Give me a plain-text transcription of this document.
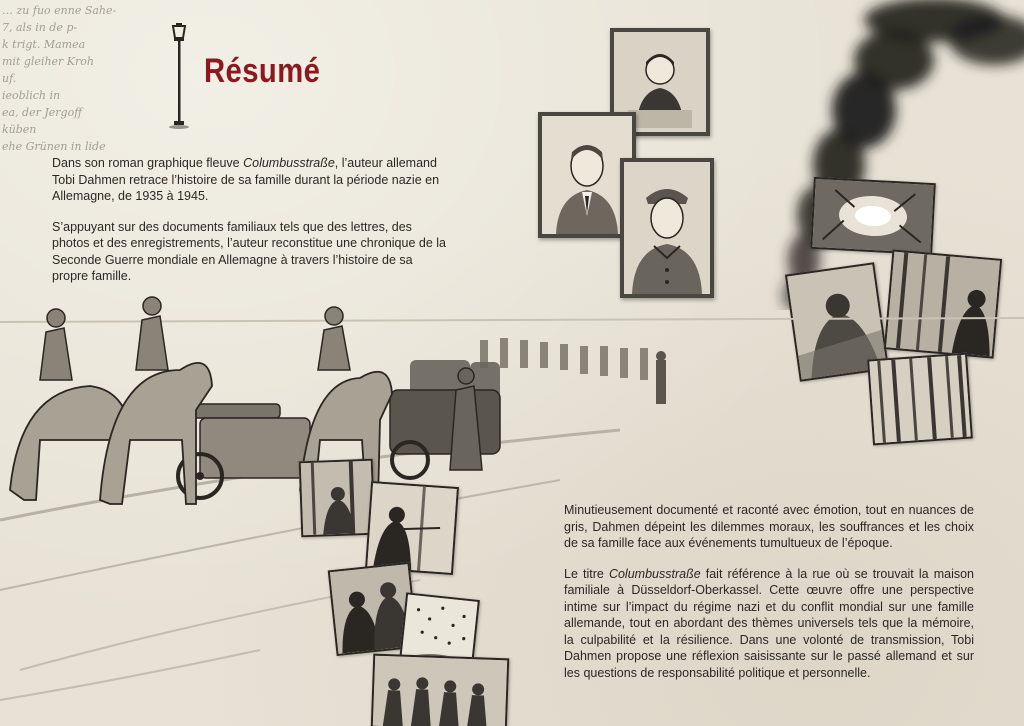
… zu fuo enne Sahe-
7, als in de p-
k trigt. Mamea
mit gleiher Kroh
uf.
ieoblich in
ea, der Jergoff
küben
ehe Grünen in lide
Résumé

Dans son roman graphique fleuve Columbusstraße, l’auteur allemand Tobi Dahmen retrace l’histoire de sa famille durant la période nazie en Allemagne, de 1935 à 1945.

S’appuyant sur des documents familiaux tels que des lettres, des photos et des enregistrements, l’auteur reconstitue une chronique de la Seconde Guerre mondiale en Allemagne à travers l’histoire de sa propre famille.

Minutieusement documenté et raconté avec émotion, tout en nuances de gris, Dahmen dépeint les dilemmes moraux, les souffrances et les choix de sa famille face aux événements tumultueux de l’époque.

Le titre Columbusstraße fait référence à la rue où se trouvait la maison familiale à Düsseldorf-Oberkassel. Cette œuvre offre une perspective intime sur l’impact du régime nazi et du conflit mondial sur une famille allemande, tout en abordant des thèmes universels tels que la mémoire, la culpabilité et la résilience. Dans une volonté de transmission, Tobi Dahmen propose une réflexion saisissante sur le passé allemand et sur les questions de responsabilité politique et personnelle.
